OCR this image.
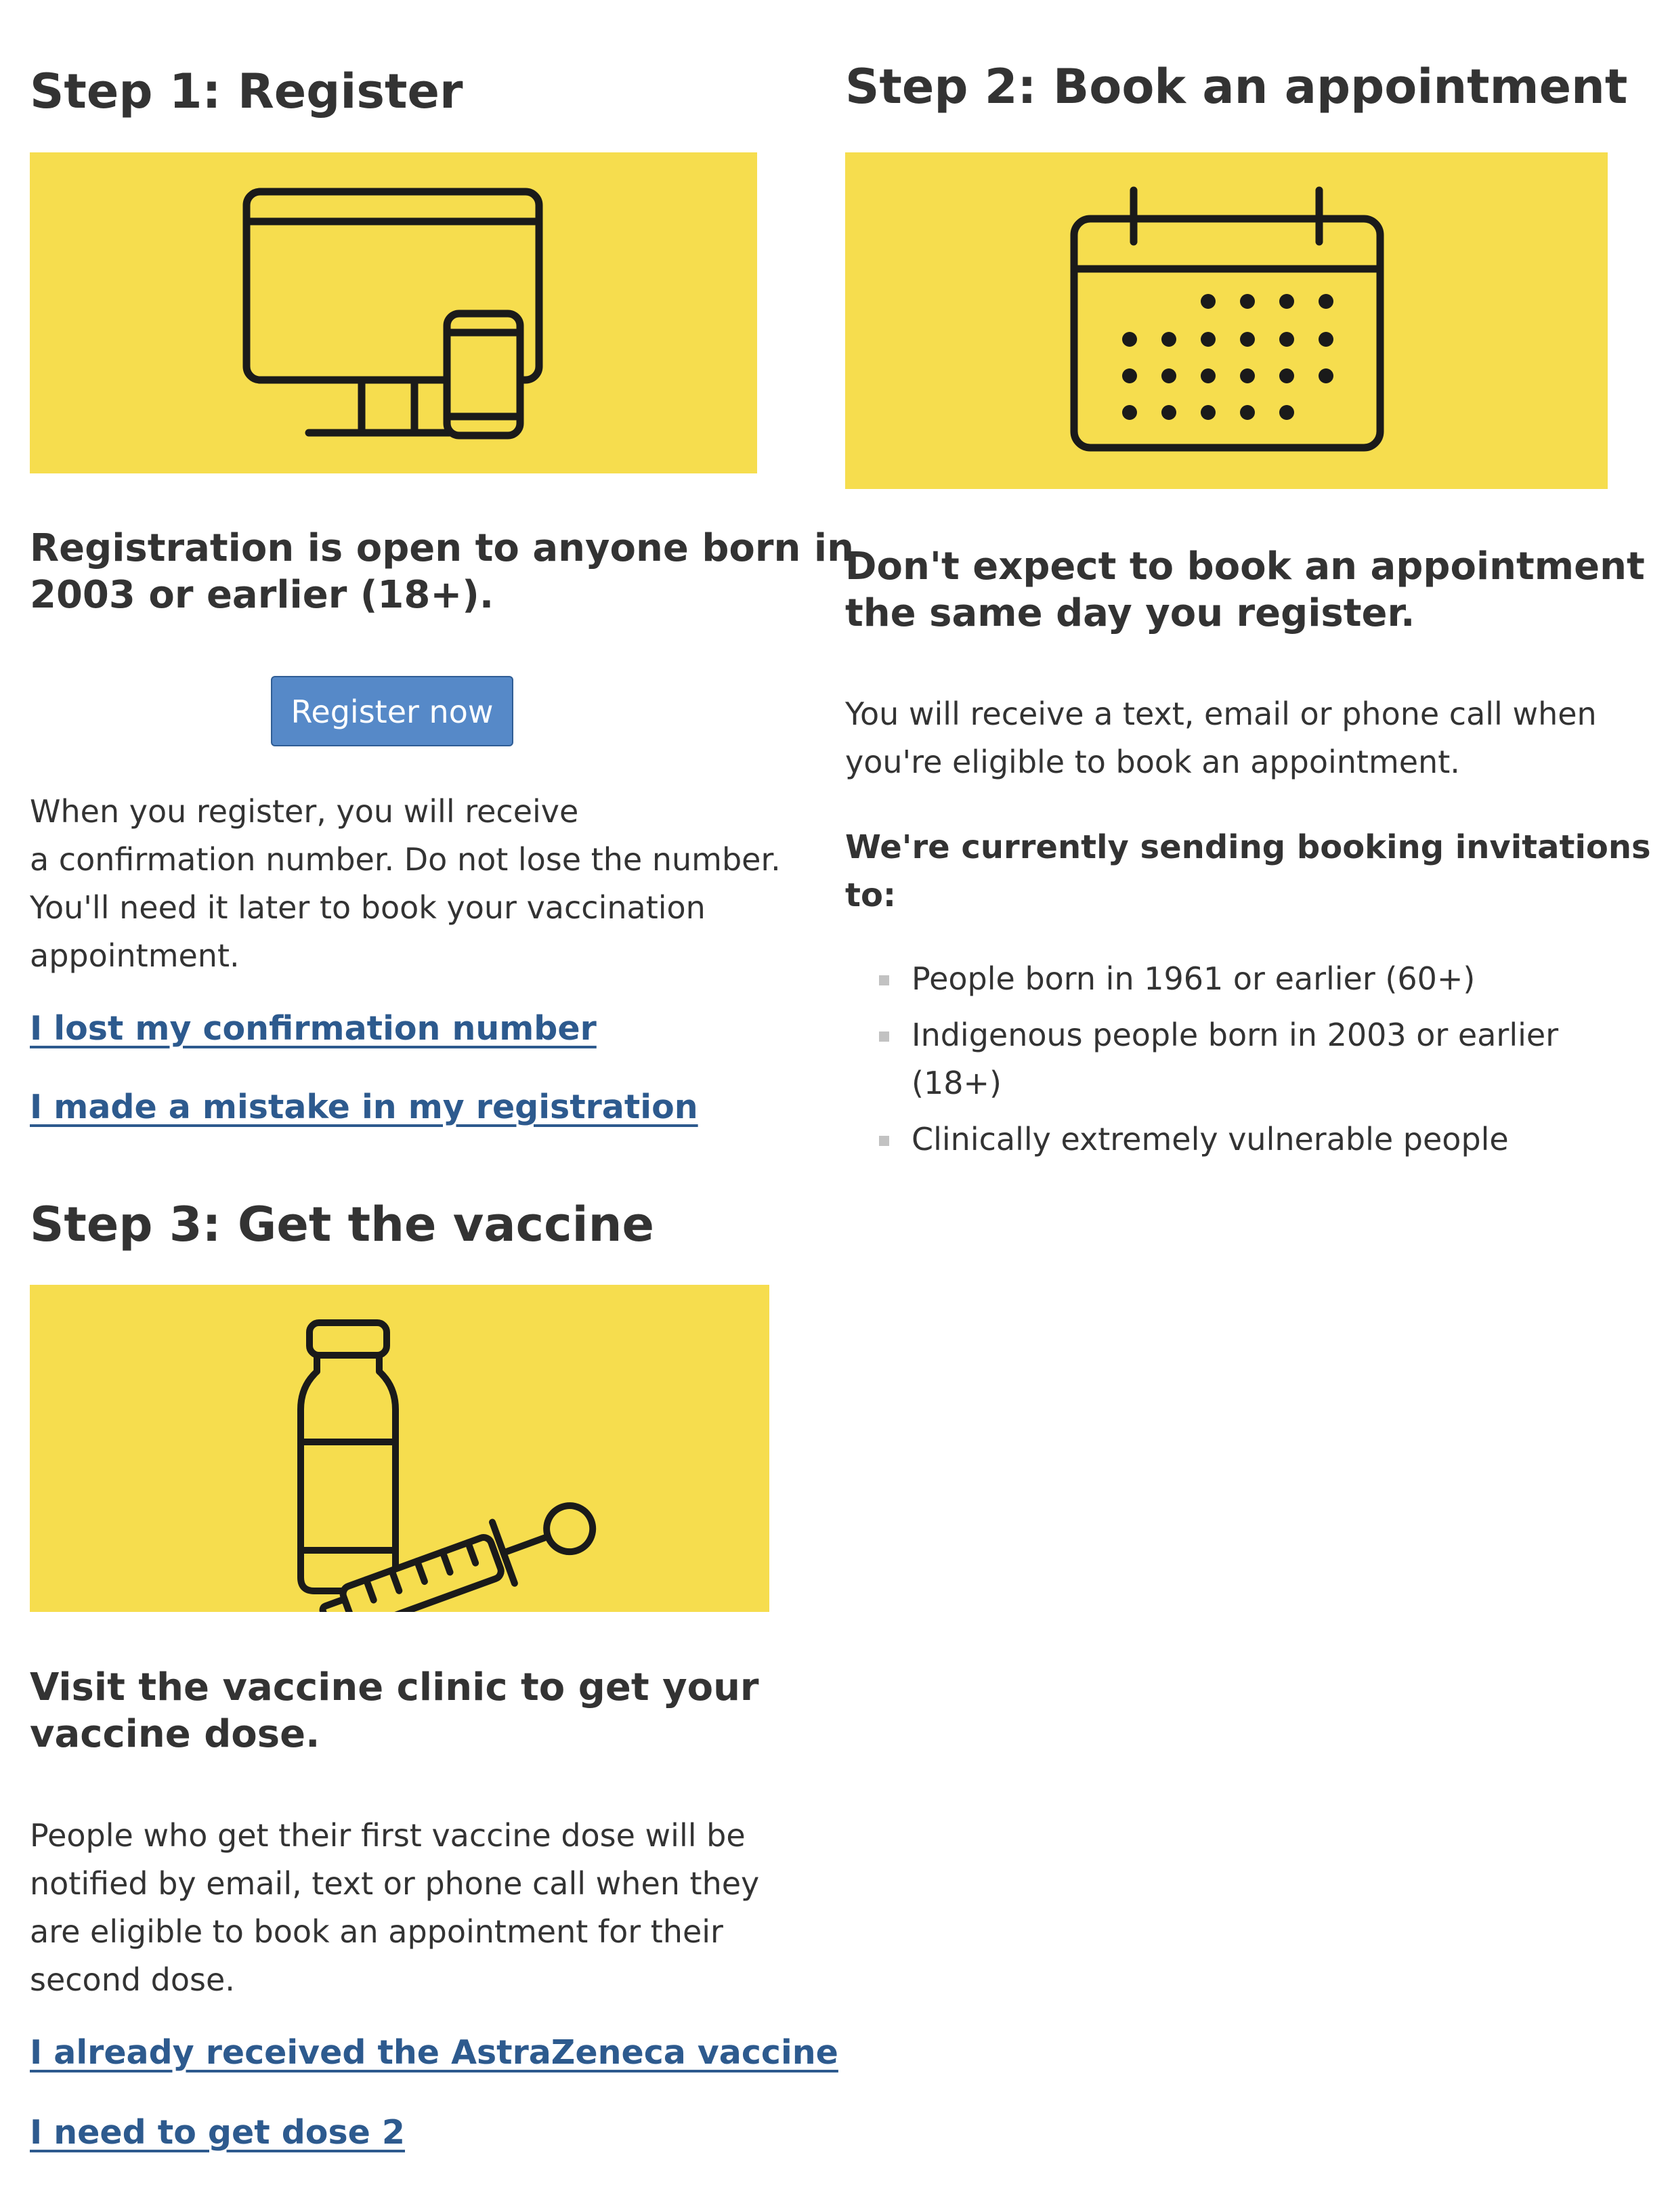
Step 1: Register

Registration is open to anyone born in
2003 or earlier (18+).

Register now

When you register, you will receive
a confirmation number. Do not lose the number.
You'll need it later to book your vaccination
appointment.

I lost my confirmation number
I made a mistake in my registration
Step 2: Book an appointment

Don't expect to book an appointment
the same day you register.

You will receive a text, email or phone call when
you're eligible to book an appointment.

We're currently sending booking invitations
to:

People born in 1961 or earlier (60+)
Indigenous people born in 2003 or earlier
(18+)
Clinically extremely vulnerable people
Step 3: Get the vaccine

Visit the vaccine clinic to get your
vaccine dose.

People who get their first vaccine dose will be
notified by email, text or phone call when they
are eligible to book an appointment for their
second dose.

I already received the AstraZeneca vaccine
I need to get dose 2
